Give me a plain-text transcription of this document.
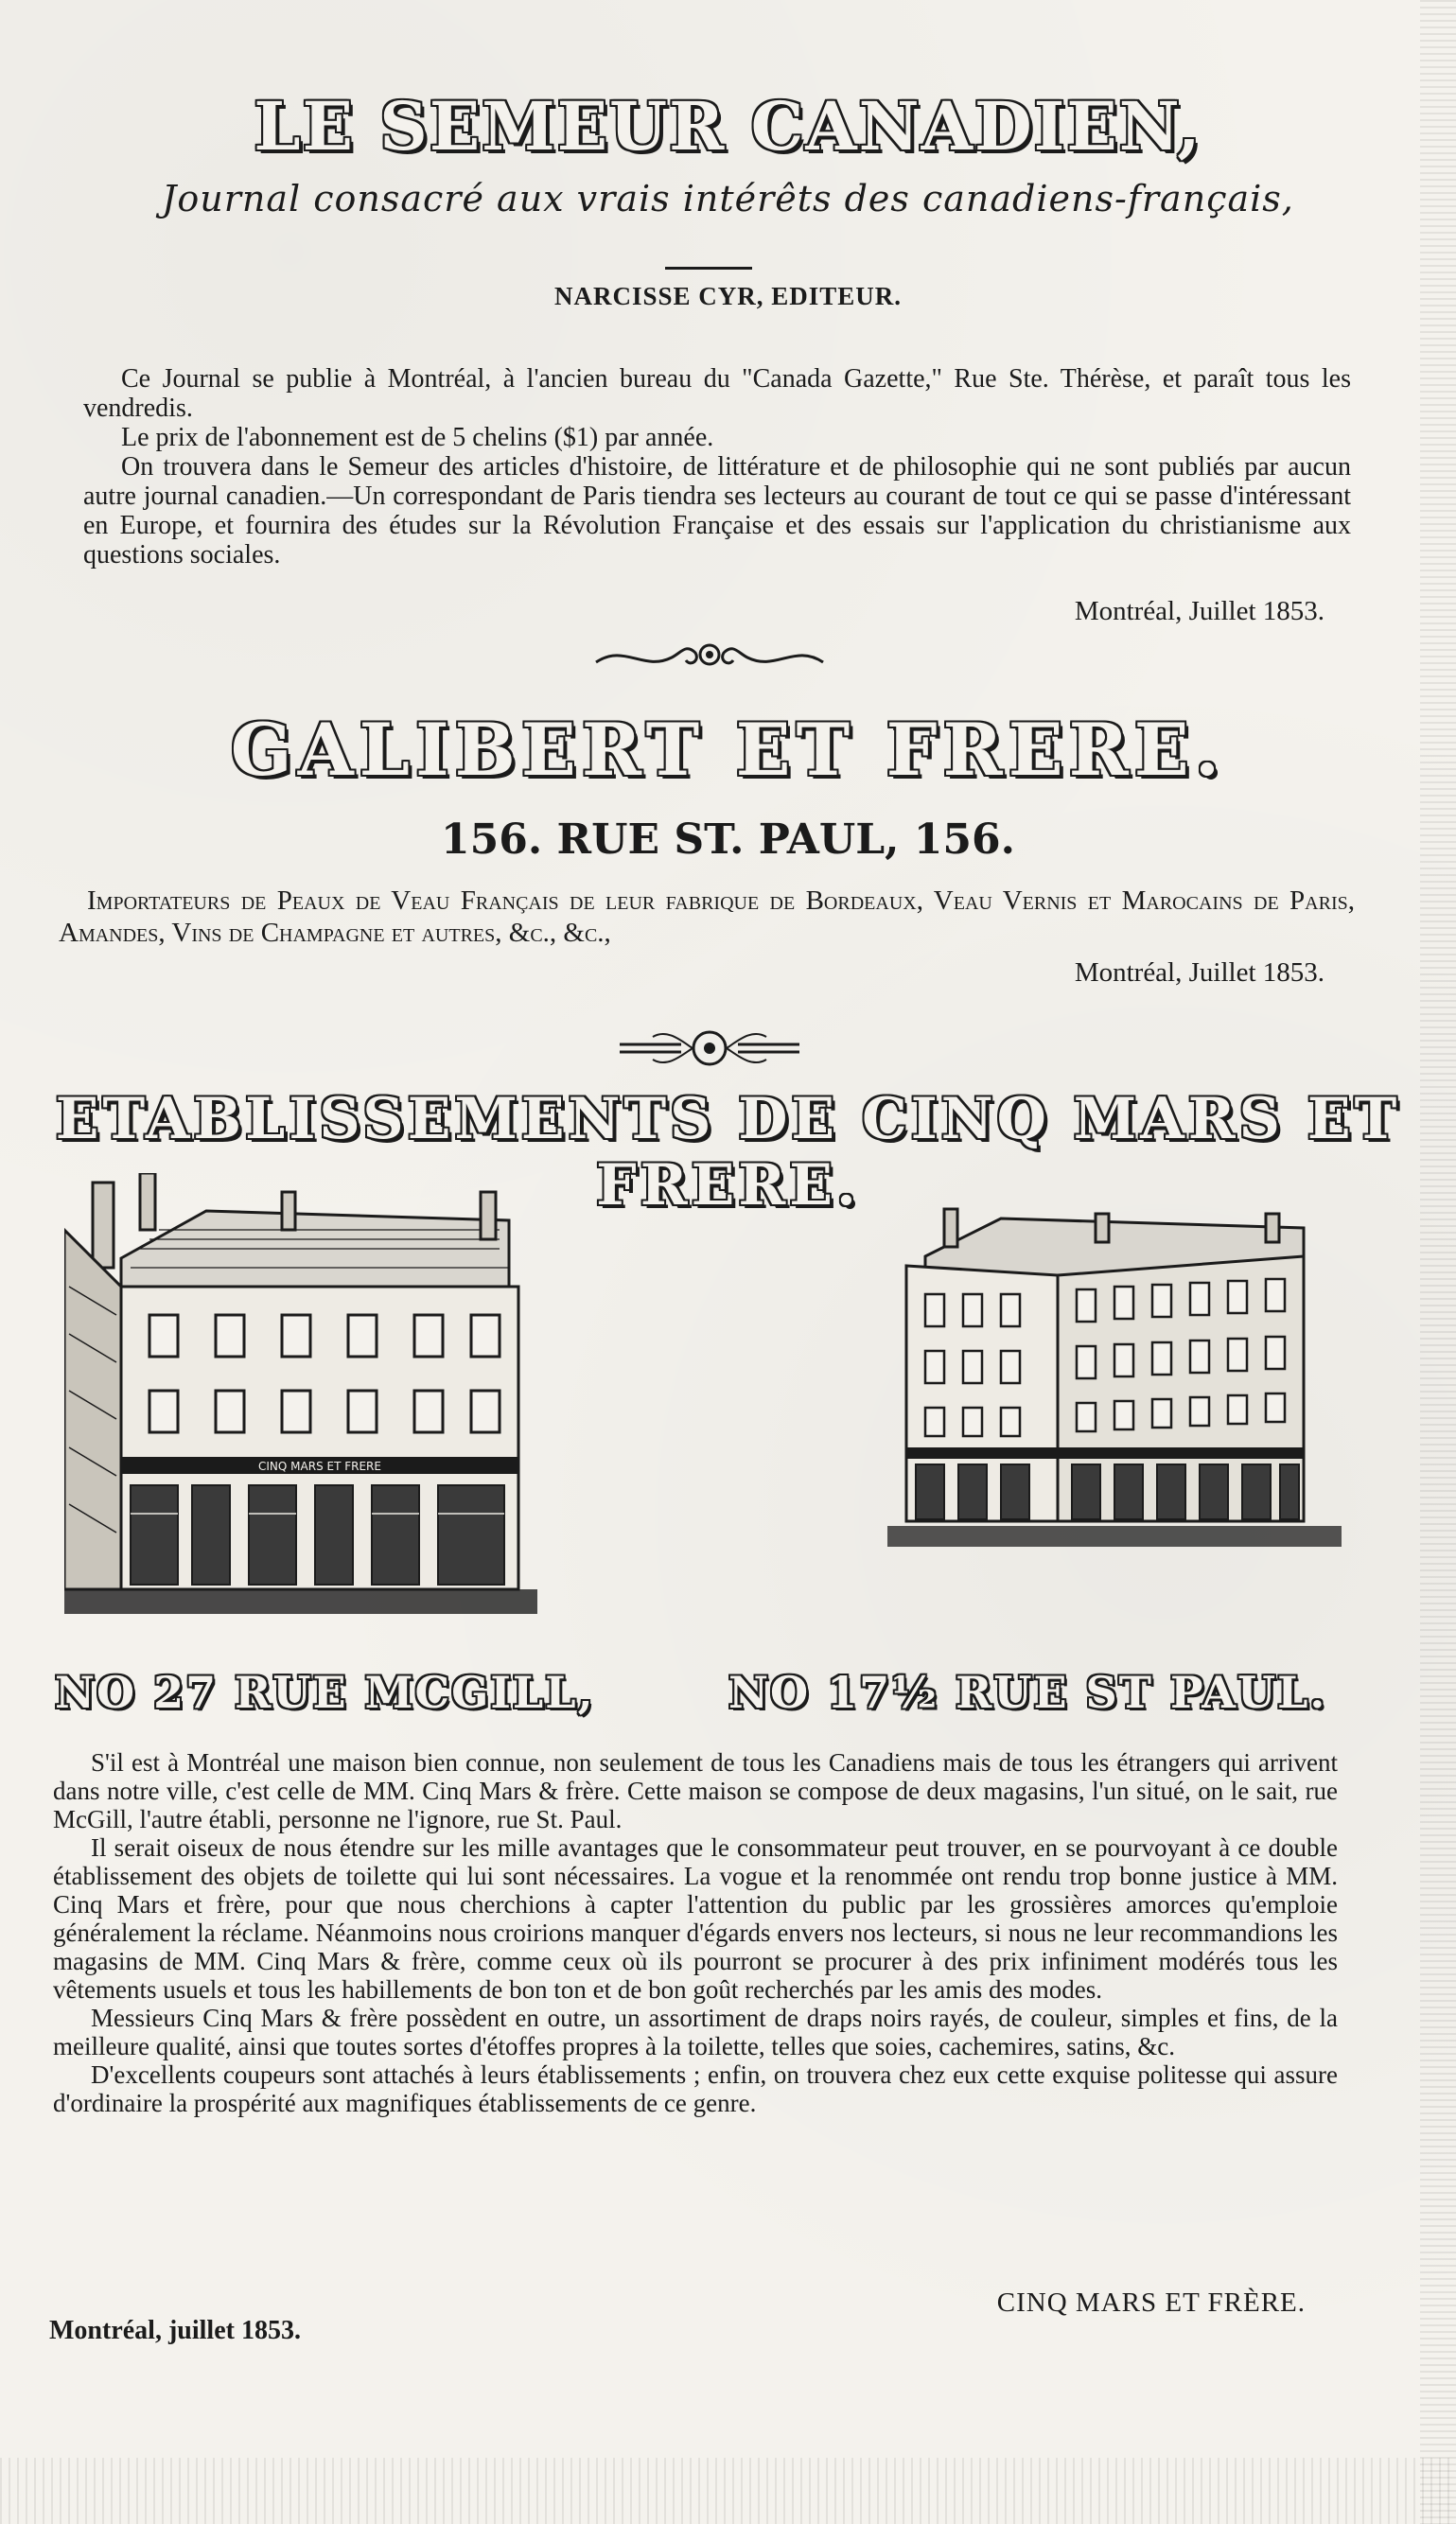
LE SEMEUR CANADIEN,
Journal consacré aux vrais intérêts des canadiens-français,
NARCISSE CYR, EDITEUR.

Ce Journal se publie à Montréal, à l'ancien bureau du "Canada Gazette," Rue Ste. Thérèse, et paraît tous les vendredis.

Le prix de l'abonnement est de 5 chelins ($1) par année.

On trouvera dans le Semeur des articles d'histoire, de littérature et de philosophie qui ne sont publiés par aucun autre journal canadien.—Un correspondant de Paris tiendra ses lecteurs au courant de tout ce qui se passe d'intéressant en Europe, et fournira des études sur la Révolution Française et des essais sur l'application du christianisme aux questions sociales.

Montréal, Juillet 1853.
GALIBERT ET FRERE.
156. RUE ST. PAUL, 156.

Importateurs de Peaux de Veau Français de leur fabrique de Bordeaux, Veau Vernis et Marocains de Paris, Amandes, Vins de Champagne et autres, &c., &c.,

Montréal, Juillet 1853.
ETABLISSEMENTS DE CINQ MARS ET FRERE.
CINQ MARS ET FRERE
NO 27 RUE MCGILL,	NO 17½ RUE ST PAUL.

S'il est à Montréal une maison bien connue, non seulement de tous les Canadiens mais de tous les étrangers qui arrivent dans notre ville, c'est celle de MM. Cinq Mars & frère. Cette maison se compose de deux magasins, l'un situé, on le sait, rue McGill, l'autre établi, personne ne l'ignore, rue St. Paul.

Il serait oiseux de nous étendre sur les mille avantages que le consommateur peut trouver, en se pourvoyant à ce double établissement des objets de toilette qui lui sont nécessaires. La vogue et la renommée ont rendu trop bonne justice à MM. Cinq Mars et frère, pour que nous cherchions à capter l'attention du public par les grossières amorces qu'emploie généralement la réclame. Néanmoins nous croirions manquer d'égards envers nos lecteurs, si nous ne leur recommandions les magasins de MM. Cinq Mars & frère, comme ceux où ils pourront se procurer à des prix infiniment modérés tous les vêtements usuels et tous les habillements de bon ton et de bon goût recherchés par les amis des modes.

Messieurs Cinq Mars & frère possèdent en outre, un assortiment de draps noirs rayés, de couleur, simples et fins, de la meilleure qualité, ainsi que toutes sortes d'étoffes propres à la toilette, telles que soies, cachemires, satins, &c.

D'excellents coupeurs sont attachés à leurs établissements ; enfin, on trouvera chez eux cette exquise politesse qui assure d'ordinaire la prospérité aux magnifiques établissements de ce genre.

CINQ MARS ET FRÈRE.
Montréal, juillet 1853.
